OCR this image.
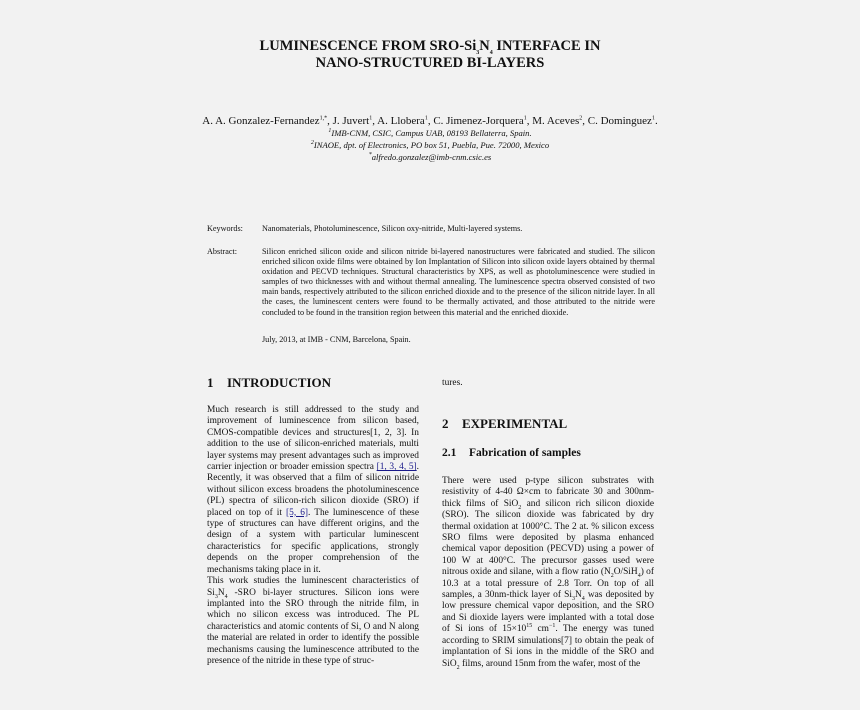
LUMINESCENCE FROM SRO-$Si_3N_4$ INTERFACE IN
NANO-STRUCTURED BI-LAYERS
A. A. Gonzalez-Fernandez$^{1,*}$, J. Juvert$^1$, A. Llobera$^1$, C. Jimenez-Jorquera$^1$, M. Aceves$^2$, C. Dominguez$^1$.
$^1$IMB-CNM, CSIC, Campus UAB, 08193 Bellaterra, Spain.
$^2$INAOE, dpt. of Electronics, PO box 51, Puebla, Pue. 72000, Mexico
*alfredo.gonzalez@imb-cnm.csic.es
Keywords: Nanomaterials, Photoluminescence, Silicon oxy-nitride, Multi-layered systems.
Abstract:	Silicon enriched silicon oxide and silicon nitride bi-layered nanostructures were fabricated and studied. The silicon enriched silicon oxide films were obtained by Ion Implantation of Silicon into silicon oxide layers obtained by thermal oxidation and PECVD techniques. Structural characteristics by XPS, as well as photoluminescence were studied in samples of two thicknesses with and without thermal annealing. The luminescence spectra observed consisted of two main bands, respectively attributed to the silicon enriched dioxide and to the presence of the silicon nitride layer. In all the cases, the luminescent centers were found to be thermally activated, and those attributed to the nitride were concluded to be found in the transition region between this material and the enriched dioxide.
July, 2013, at IMB - CNM, Barcelona, Spain.
1 INTRODUCTION

Much research is still addressed to the study and improvement of luminescence from silicon based, CMOS-compatible devices and structures[1, 2, 3]. In addition to the use of silicon-enriched materials, multi layer systems may present advantages such as improved carrier injection or broader emission spectra [1, 3, 4, 5]. Recently, it was observed that a film of silicon nitride without silicon excess broadens the photoluminescence (PL) spectra of silicon-rich silicon dioxide (SRO) if placed on top of it [5, 6]. The luminescence of these type of structures can have different origins, and the design of a system with particular luminescent characteristics for specific applications, strongly depends on the proper comprehension of the mechanisms taking place in it.

This work studies the luminescent characteristics of $Si_3N_4$ -SRO bi-layer structures. Silicon ions were implanted into the SRO through the nitride film, in which no silicon excess was introduced. The PL characteristics and atomic contents of Si, O and N along the material are related in order to identify the possible mechanisms causing the luminescence attributed to the presence of the nitride in these type of struc-

tures.
2 EXPERIMENTAL
2.1 Fabrication of samples

There were used p-type silicon substrates with resistivity of 4-40 Ω×cm to fabricate 30 and 300nm-thick films of SiO$_2$ and silicon rich silicon dioxide (SRO). The silicon dioxide was fabricated by dry thermal oxidation at 1000°C. The 2 at. % silicon excess SRO films were deposited by plasma enhanced chemical vapor deposition (PECVD) using a power of 100 W at 400°C. The precursor gasses used were nitrous oxide and silane, with a flow ratio $(N_2O/SiH_4)$ of 10.3 at a total pressure of 2.8 Torr. On top of all samples, a 30nm-thick layer of $Si_3N_4$ was deposited by low pressure chemical vapor deposition, and the SRO and Si dioxide layers were implanted with a total dose of Si ions of $15\times 10^{15}$ $cm^{-1}$. The energy was tuned according to SRIM simulations[7] to obtain the peak of implantation of Si ions in the middle of the SRO and SiO$_2$ films, around 15nm from the wafer, most of the
